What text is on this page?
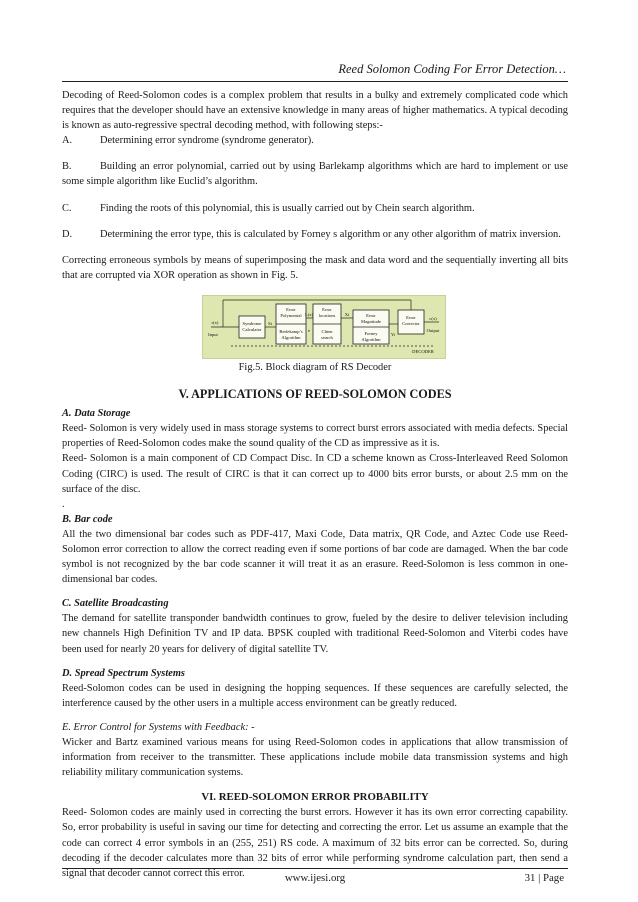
Reed Solomon Coding For Error Detection…

Decoding of Reed-Solomon codes is a complex problem that results in a bulky and extremely complicated code which requires that the developer should have an extensive knowledge in many areas of higher mathematics. A typical decoding is known as auto-regressive spectral decoding method, with following steps:-

A.	Determining error syndrome (syndrome generator).
B.	Building an error polynomial, carried out by using Barlekamp algorithms which are hard to implement or use some simple algorithm like Euclid’s algorithm.
C.	Finding the roots of this polynomial, this is usually carried out by Chein search algorithm.
D.	Determining the error type, this is calculated by Forney s algorithm or any other algorithm of matrix inversion.

Correcting erroneous symbols by means of superimposing the mask and data word and the sequentially inverting all bits that are corrupted via XOR operation as shown in Fig. 5.

Syndrome
Calculator
Error
Polynomial
Berlekamp’s
Algorithm
Error
locations
Chien
search
Error
Magnitude
Forney
Algorithm
Error
Corrector
r(x)
Input
c(x)
Output
Si
L(x)
e
Xi
Yi
DECODER
Fig.5. Block diagram of RS Decoder
V. APPLICATIONS OF REED-SOLOMON CODES
A. Data Storage

Reed- Solomon is very widely used in mass storage systems to correct burst errors associated with media defects. Special properties of Reed-Solomon codes make the sound quality of the CD as impressive as it is.

Reed- Solomon is a main component of CD Compact Disc. In CD a scheme known as Cross-Interleaved Reed Solomon Coding (CIRC) is used. The result of CIRC is that it can correct up to 4000 bits error bursts, or about 2.5 mm on the surface of the disc.

.

B. Bar code

All the two dimensional bar codes such as PDF-417, Maxi Code, Data matrix, QR Code, and Aztec Code use Reed-Solomon error correction to allow the correct reading even if some portions of bar code are damaged. When the bar code symbol is not recognized by the bar code scanner it will treat it as an erasure. Reed-Solomon is less common in one-dimensional bar codes.

C. Satellite Broadcasting

The demand for satellite transponder bandwidth continues to grow, fueled by the desire to deliver television including new channels High Definition TV and IP data. BPSK coupled with traditional Reed-Solomon and Viterbi codes have been used for nearly 20 years for delivery of digital satellite TV.

D. Spread Spectrum Systems

Reed-Solomon codes can be used in designing the hopping sequences. If these sequences are carefully selected, the interference caused by the other users in a multiple access environment can be greatly reduced.

E. Error Control for Systems with Feedback: -

Wicker and Bartz examined various means for using Reed-Solomon codes in applications that allow transmission of information from receiver to the transmitter. These applications include mobile data transmission systems and high reliability military communication systems.

VI. REED-SOLOMON ERROR PROBABILITY

Reed- Solomon codes are mainly used in correcting the burst errors. However it has its own error correcting capability. So, error probability is useful in saving our time for detecting and correcting the error. Let us assume an example that the code can correct 4 error symbols in an (255, 251) RS code. A maximum of 32 bits error can be corrected. So, during decoding if the decoder calculates more than 32 bits of error while performing syndrome calculation part, then send a signal that decoder cannot correct this error.	www.ijesi.org	31 | Page
